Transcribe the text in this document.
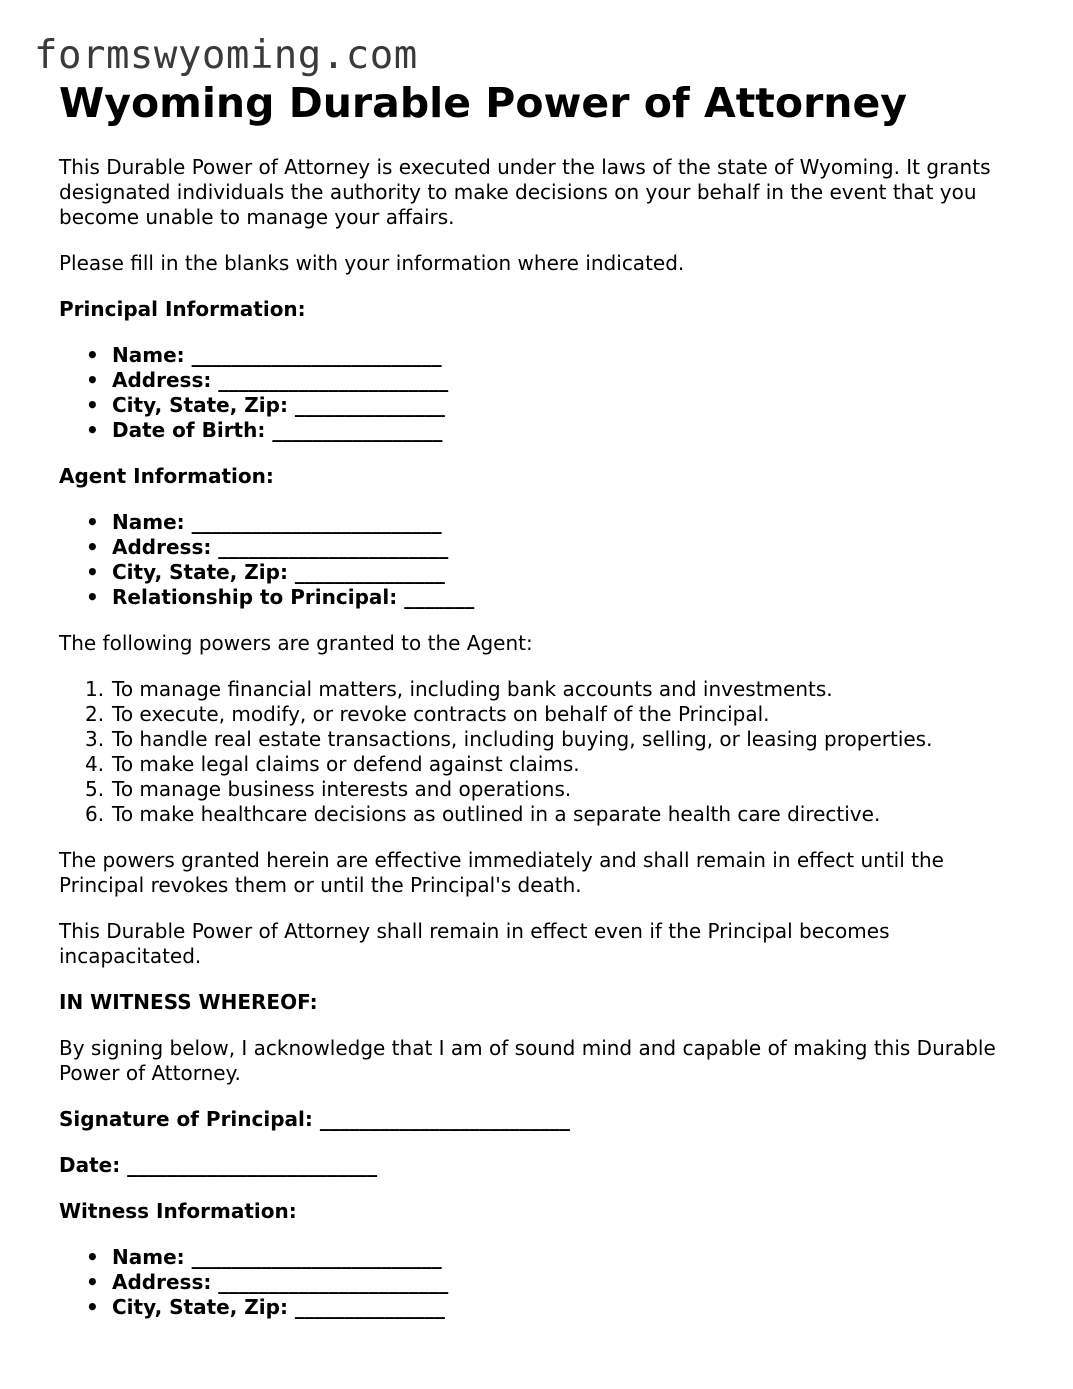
formswyoming.com
Wyoming Durable Power of Attorney

This Durable Power of Attorney is executed under the laws of the state of Wyoming. It grants designated individuals the authority to make decisions on your behalf in the event that you become unable to manage your affairs.

Please fill in the blanks with your information where indicated.

Principal Information:

• Name: _________________________
• Address: _______________________
• City, State, Zip: _______________
• Date of Birth: _________________

Agent Information:

• Name: _________________________
• Address: _______________________
• City, State, Zip: _______________
• Relationship to Principal: _______

The following powers are granted to the Agent:

1. To manage financial matters, including bank accounts and investments.
2. To execute, modify, or revoke contracts on behalf of the Principal.
3. To handle real estate transactions, including buying, selling, or leasing properties.
4. To make legal claims or defend against claims.
5. To manage business interests and operations.
6. To make healthcare decisions as outlined in a separate health care directive.

The powers granted herein are effective immediately and shall remain in effect until the Principal revokes them or until the Principal's death.

This Durable Power of Attorney shall remain in effect even if the Principal becomes incapacitated.

IN WITNESS WHEREOF:

By signing below, I acknowledge that I am of sound mind and capable of making this Durable Power of Attorney.

Signature of Principal: _________________________

Date: _________________________

Witness Information:

• Name: _________________________
• Address: _______________________
• City, State, Zip: _______________
